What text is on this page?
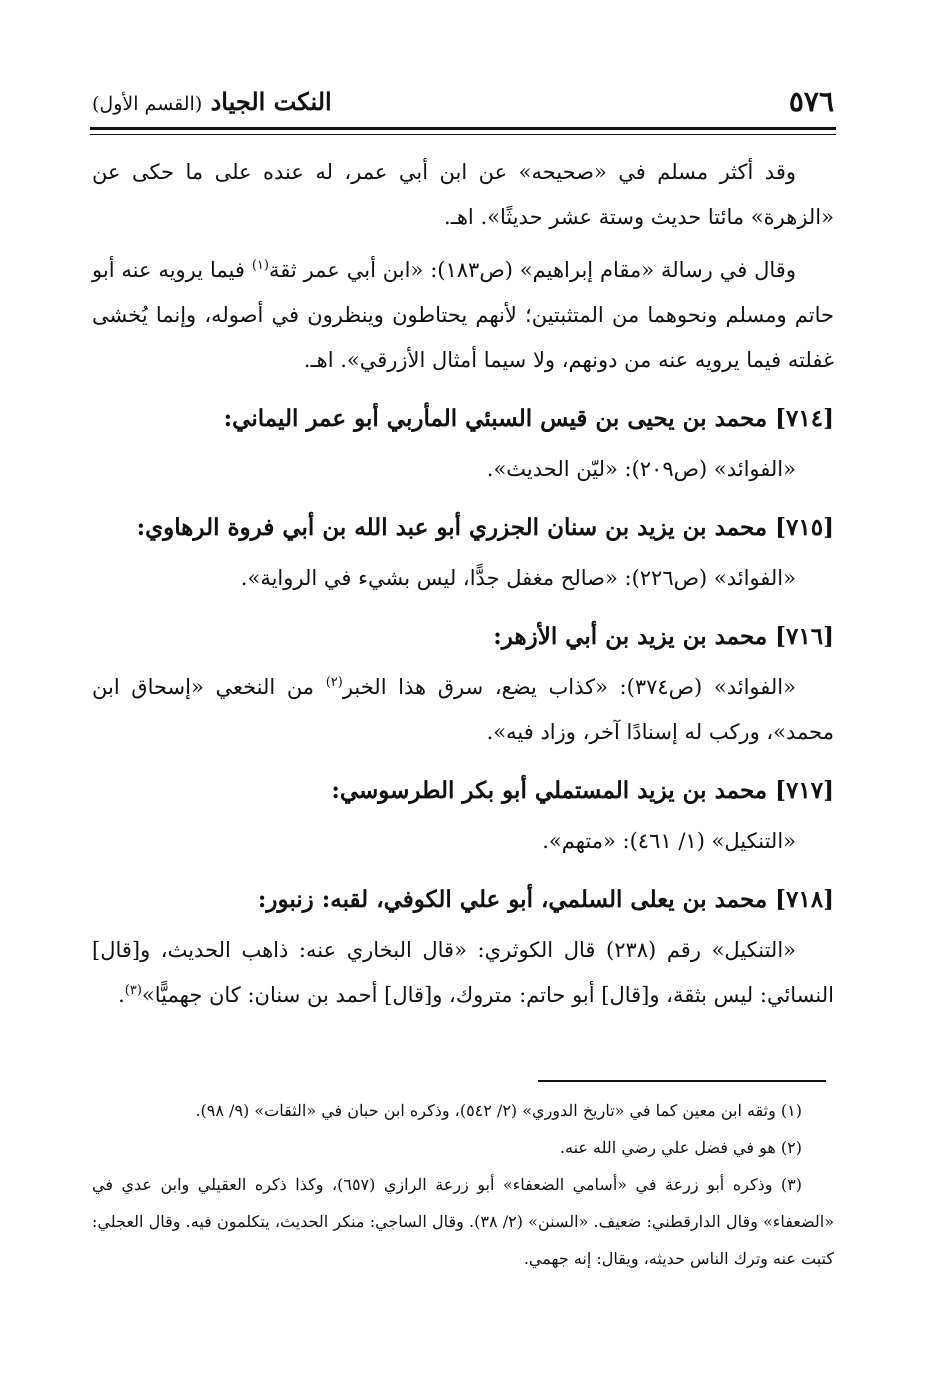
٥٧٦
النكت الجياد (القسم الأول)

وقد أكثر مسلم في «صحيحه» عن ابن أبي عمر، له عنده على ما حكى عن «الزهرة» مائتا حديث وستة عشر حديثًا». اهـ.

وقال في رسالة «مقام إبراهيم» (ص١٨٣): «ابن أبي عمر ثقة$^{(١)}$ فيما يرويه عنه أبو حاتم ومسلم ونحوهما من المتثبتين؛ لأنهم يحتاطون وينظرون في أصوله، وإنما يُخشى غفلته فيما يرويه عنه من دونهم، ولا سيما أمثال الأزرقي». اهـ.

[٧١٤] محمد بن يحيى بن قيس السبئي المأربي أبو عمر اليماني:

«الفوائد» (ص٢٠٩): «ليّن الحديث».

[٧١٥] محمد بن يزيد بن سنان الجزري أبو عبد الله بن أبي فروة الرهاوي:

«الفوائد» (ص٢٢٦): «صالح مغفل جدًّا، ليس بشيء في الرواية».

[٧١٦] محمد بن يزيد بن أبي الأزهر:

«الفوائد» (ص٣٧٤): «كذاب يضع، سرق هذا الخبر$^{(٢)}$ من النخعي «إسحاق ابن محمد»، وركب له إسنادًا آخر، وزاد فيه».

[٧١٧] محمد بن يزيد المستملي أبو بكر الطرسوسي:

«التنكيل» (١/ ٤٦١): «متهم».

[٧١٨] محمد بن يعلى السلمي، أبو علي الكوفي، لقبه: زنبور:

«التنكيل» رقم (٢٣٨) قال الكوثري: «قال البخاري عنه: ذاهب الحديث، و[قال] النسائي: ليس بثقة، و[قال] أبو حاتم: متروك، و[قال] أحمد بن سنان: كان جهميًّا»$^{(٣)}$.

(١) وثقه ابن معين كما في «تاريخ الدوري» (٢/ ٥٤٢)، وذكره ابن حبان في «الثقات» (٩/ ٩٨).

(٢) هو في فضل علي رضي الله عنه.

(٣) وذكره أبو زرعة في «أسامي الضعفاء» أبو زرعة الرازي (٦٥٧)، وكذا ذكره العقيلي وابن عدي في «الضعفاء» وقال الدارقطني: ضعيف. «السنن» (٢/ ٣٨). وقال الساجي: منكر الحديث، يتكلمون فيه. وقال العجلي: كتبت عنه وترك الناس حديثه، ويقال: إنه جهمي.
